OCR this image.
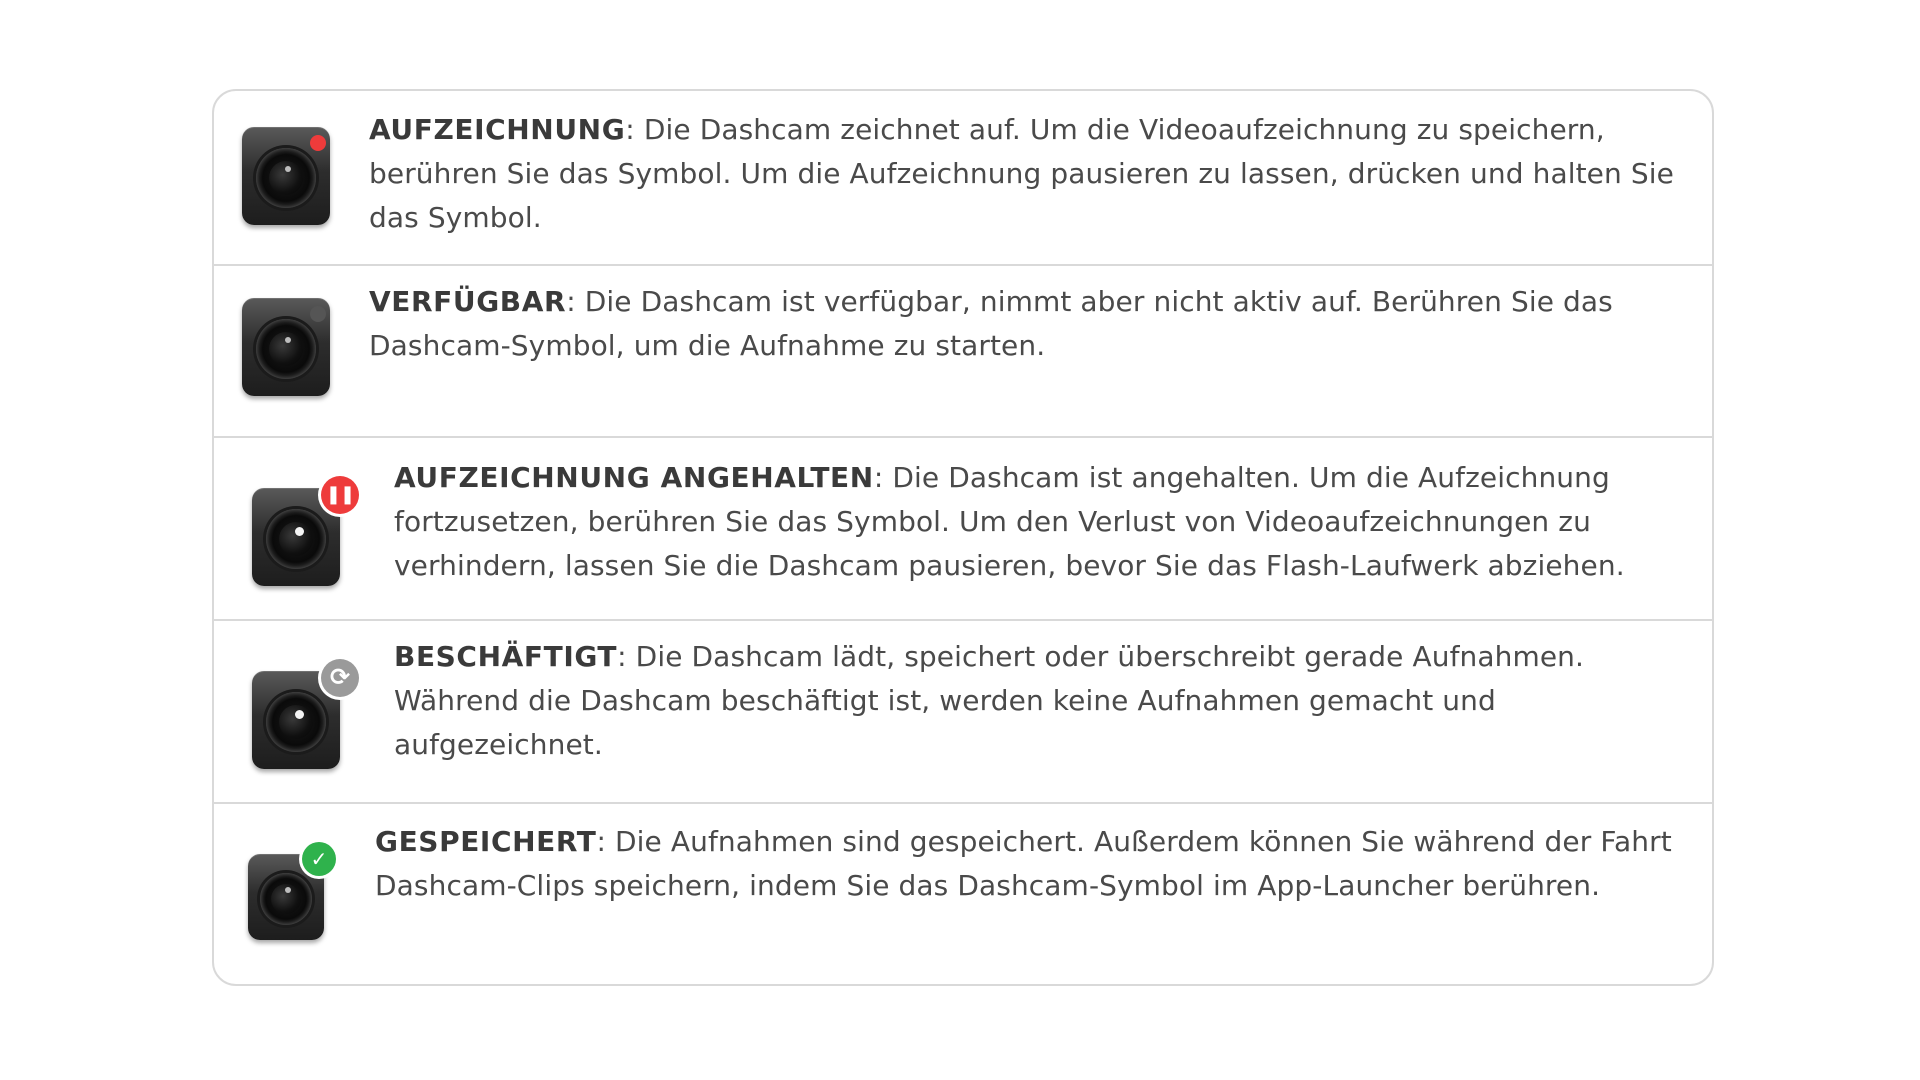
AUFZEICHNUNG: Die Dashcam zeichnet auf. Um die Videoaufzeichnung zu speichern, berühren Sie das Symbol. Um die Aufzeichnung pausieren zu lassen, drücken und halten Sie das Symbol.
VERFÜGBAR: Die Dashcam ist verfügbar, nimmt aber nicht aktiv auf. Berühren Sie das Dashcam-Symbol, um die Aufnahme zu starten.
❚❚
AUFZEICHNUNG ANGEHALTEN: Die Dashcam ist angehalten. Um die Aufzeichnung fortzusetzen, berühren Sie das Symbol. Um den Verlust von Videoaufzeichnungen zu verhindern, lassen Sie die Dashcam pausieren, bevor Sie das Flash-Laufwerk abziehen.
⟳
BESCHÄFTIGT: Die Dashcam lädt, speichert oder überschreibt gerade Aufnahmen. Während die Dashcam beschäftigt ist, werden keine Aufnahmen gemacht und aufgezeichnet.
✓
GESPEICHERT: Die Aufnahmen sind gespeichert. Außerdem können Sie während der Fahrt Dashcam-Clips speichern, indem Sie das Dashcam-Symbol im App-Launcher berühren.
